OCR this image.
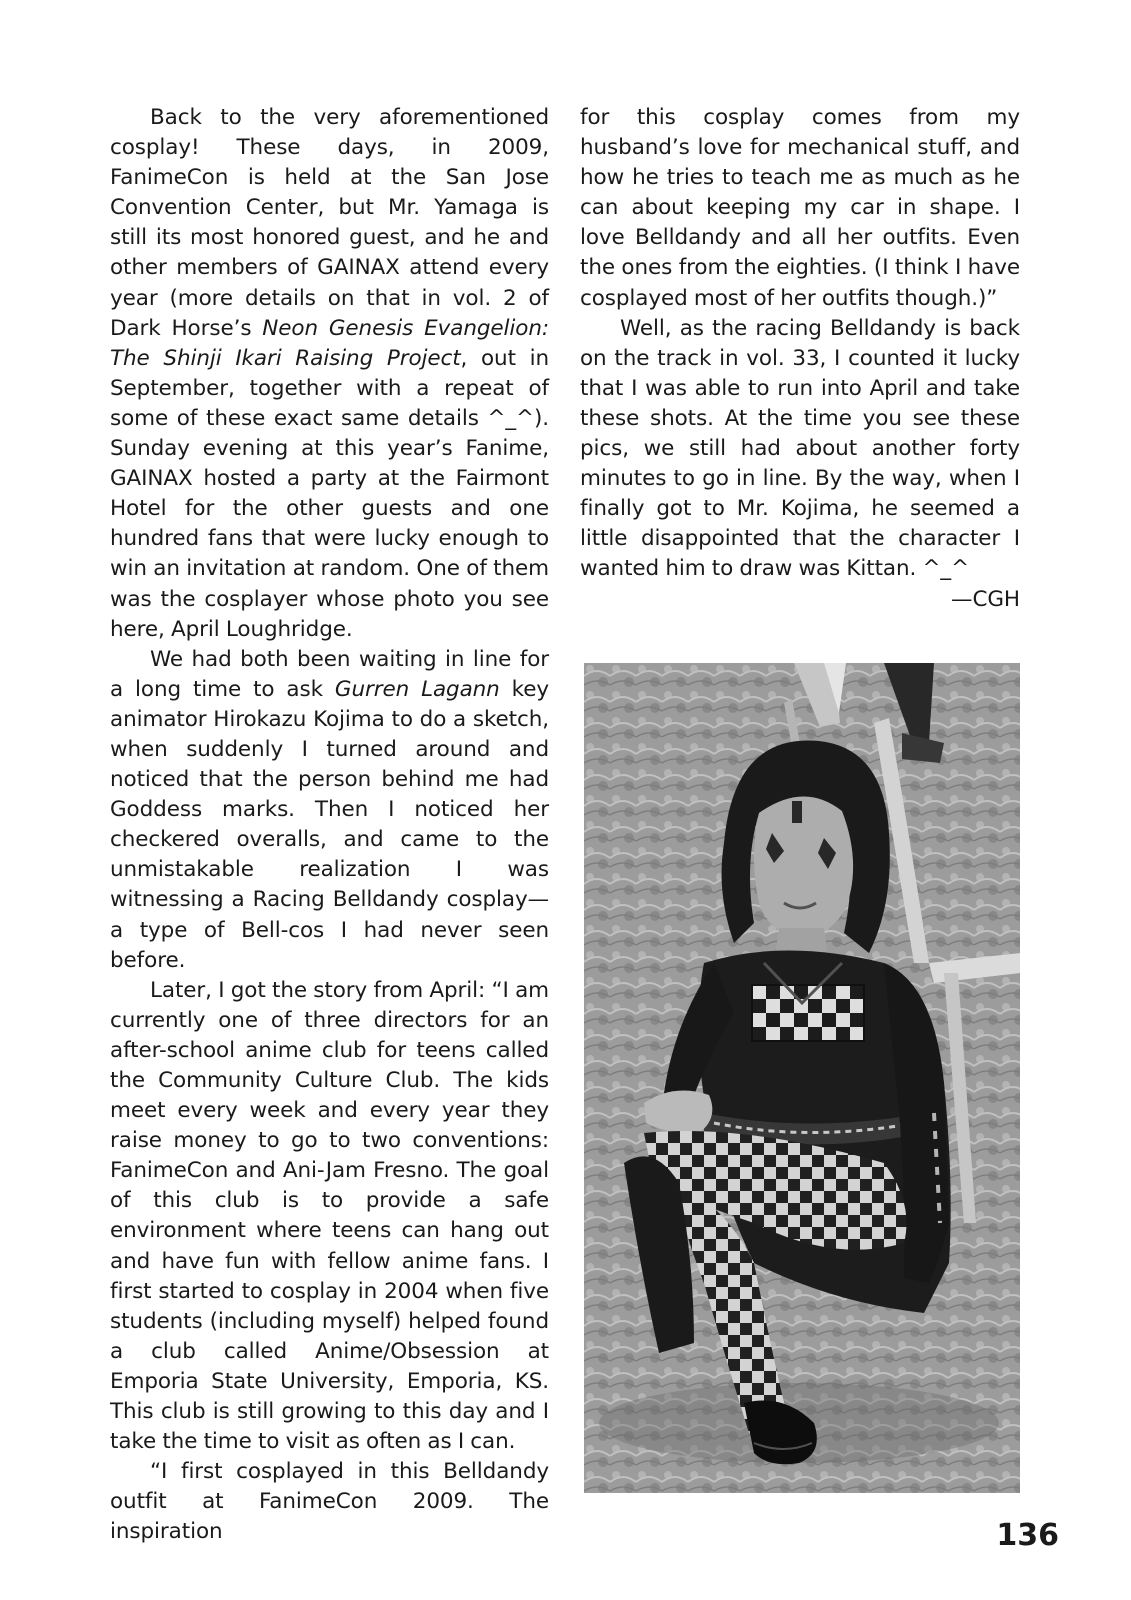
Back to the very aforementioned cosplay! These days, in 2009, FanimeCon is held at the San Jose Convention Center, but Mr. Yamaga is still its most honored guest, and he and other members of GAINAX attend every year (more details on that in vol. 2 of Dark Horse’s Neon Genesis Evangelion: The Shinji Ikari Raising Project, out in September, together with a repeat of some of these exact same details ^_^). Sunday evening at this year’s Fanime, GAINAX hosted a party at the Fairmont Hotel for the other guests and one hundred fans that were lucky enough to win an invitation at random. One of them was the cosplayer whose photo you see here, April Loughridge.

We had both been waiting in line for a long time to ask Gurren Lagann key animator Hirokazu Kojima to do a sketch, when suddenly I turned around and noticed that the person behind me had Goddess marks. Then I noticed her checkered overalls, and came to the unmistakable realization I was witnessing a Racing Belldandy cosplay—a type of Bell-cos I had never seen before.

Later, I got the story from April: “I am currently one of three directors for an after-school anime club for teens called the Community Culture Club. The kids meet every week and every year they raise money to go to two conventions: FanimeCon and Ani-Jam Fresno. The goal of this club is to provide a safe environment where teens can hang out and have fun with fellow anime fans. I first started to cosplay in 2004 when five students (including myself) helped found a club called Anime/Obsession at Emporia State University, Emporia, KS. This club is still growing to this day and I take the time to visit as often as I can.

“I first cosplayed in this Belldandy outfit at FanimeCon 2009. The inspiration

for this cosplay comes from my husband’s love for mechanical stuff, and how he tries to teach me as much as he can about keeping my car in shape. I love Belldandy and all her outfits. Even the ones from the eighties. (I think I have cosplayed most of her outfits though.)”

Well, as the racing Belldandy is back on the track in vol. 33, I counted it lucky that I was able to run into April and take these shots. At the time you see these pics, we still had about another forty minutes to go in line. By the way, when I finally got to Mr. Kojima, he seemed a little disappointed that the character I wanted him to draw was Kittan. ^_^

—CGH

136
